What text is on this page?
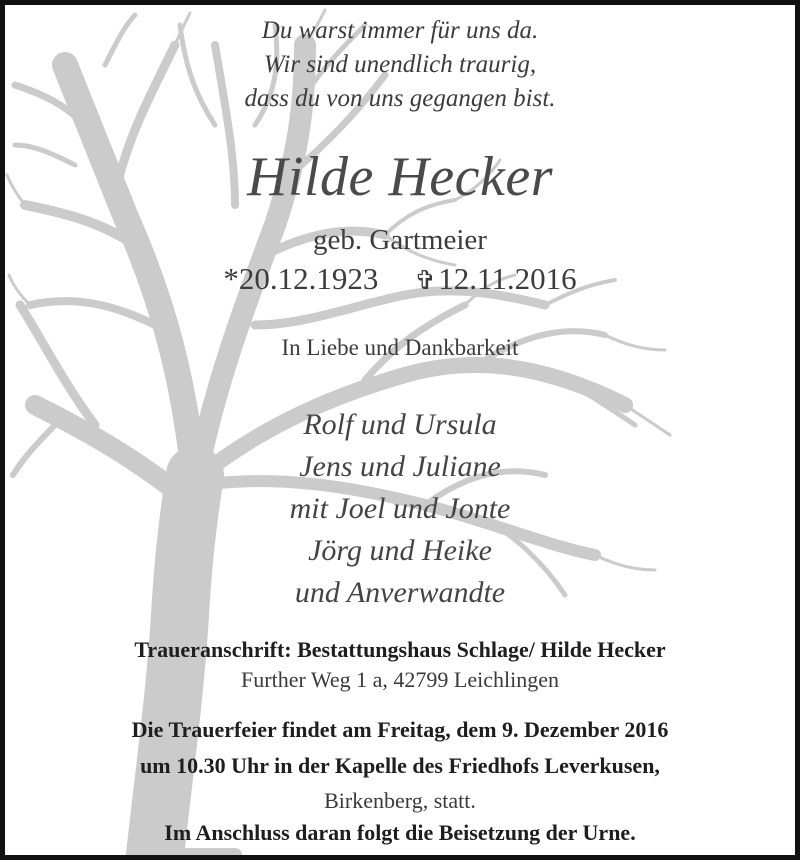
Du warst immer für uns da.

Wir sind unendlich traurig,

dass du von uns gegangen bist.

Hilde Hecker

geb. Gartmeier

*20.12.1923 ✞12.11.2016

In Liebe und Dankbarkeit

Rolf und Ursula

Jens und Juliane

mit Joel und Jonte

Jörg und Heike

und Anverwandte

Traueranschrift: Bestattungshaus Schlage/ Hilde Hecker

Further Weg 1 a, 42799 Leichlingen

Die Trauerfeier findet am Freitag, dem 9. Dezember 2016

um 10.30 Uhr in der Kapelle des Friedhofs Leverkusen,

Birkenberg, statt.

Im Anschluss daran folgt die Beisetzung der Urne.
